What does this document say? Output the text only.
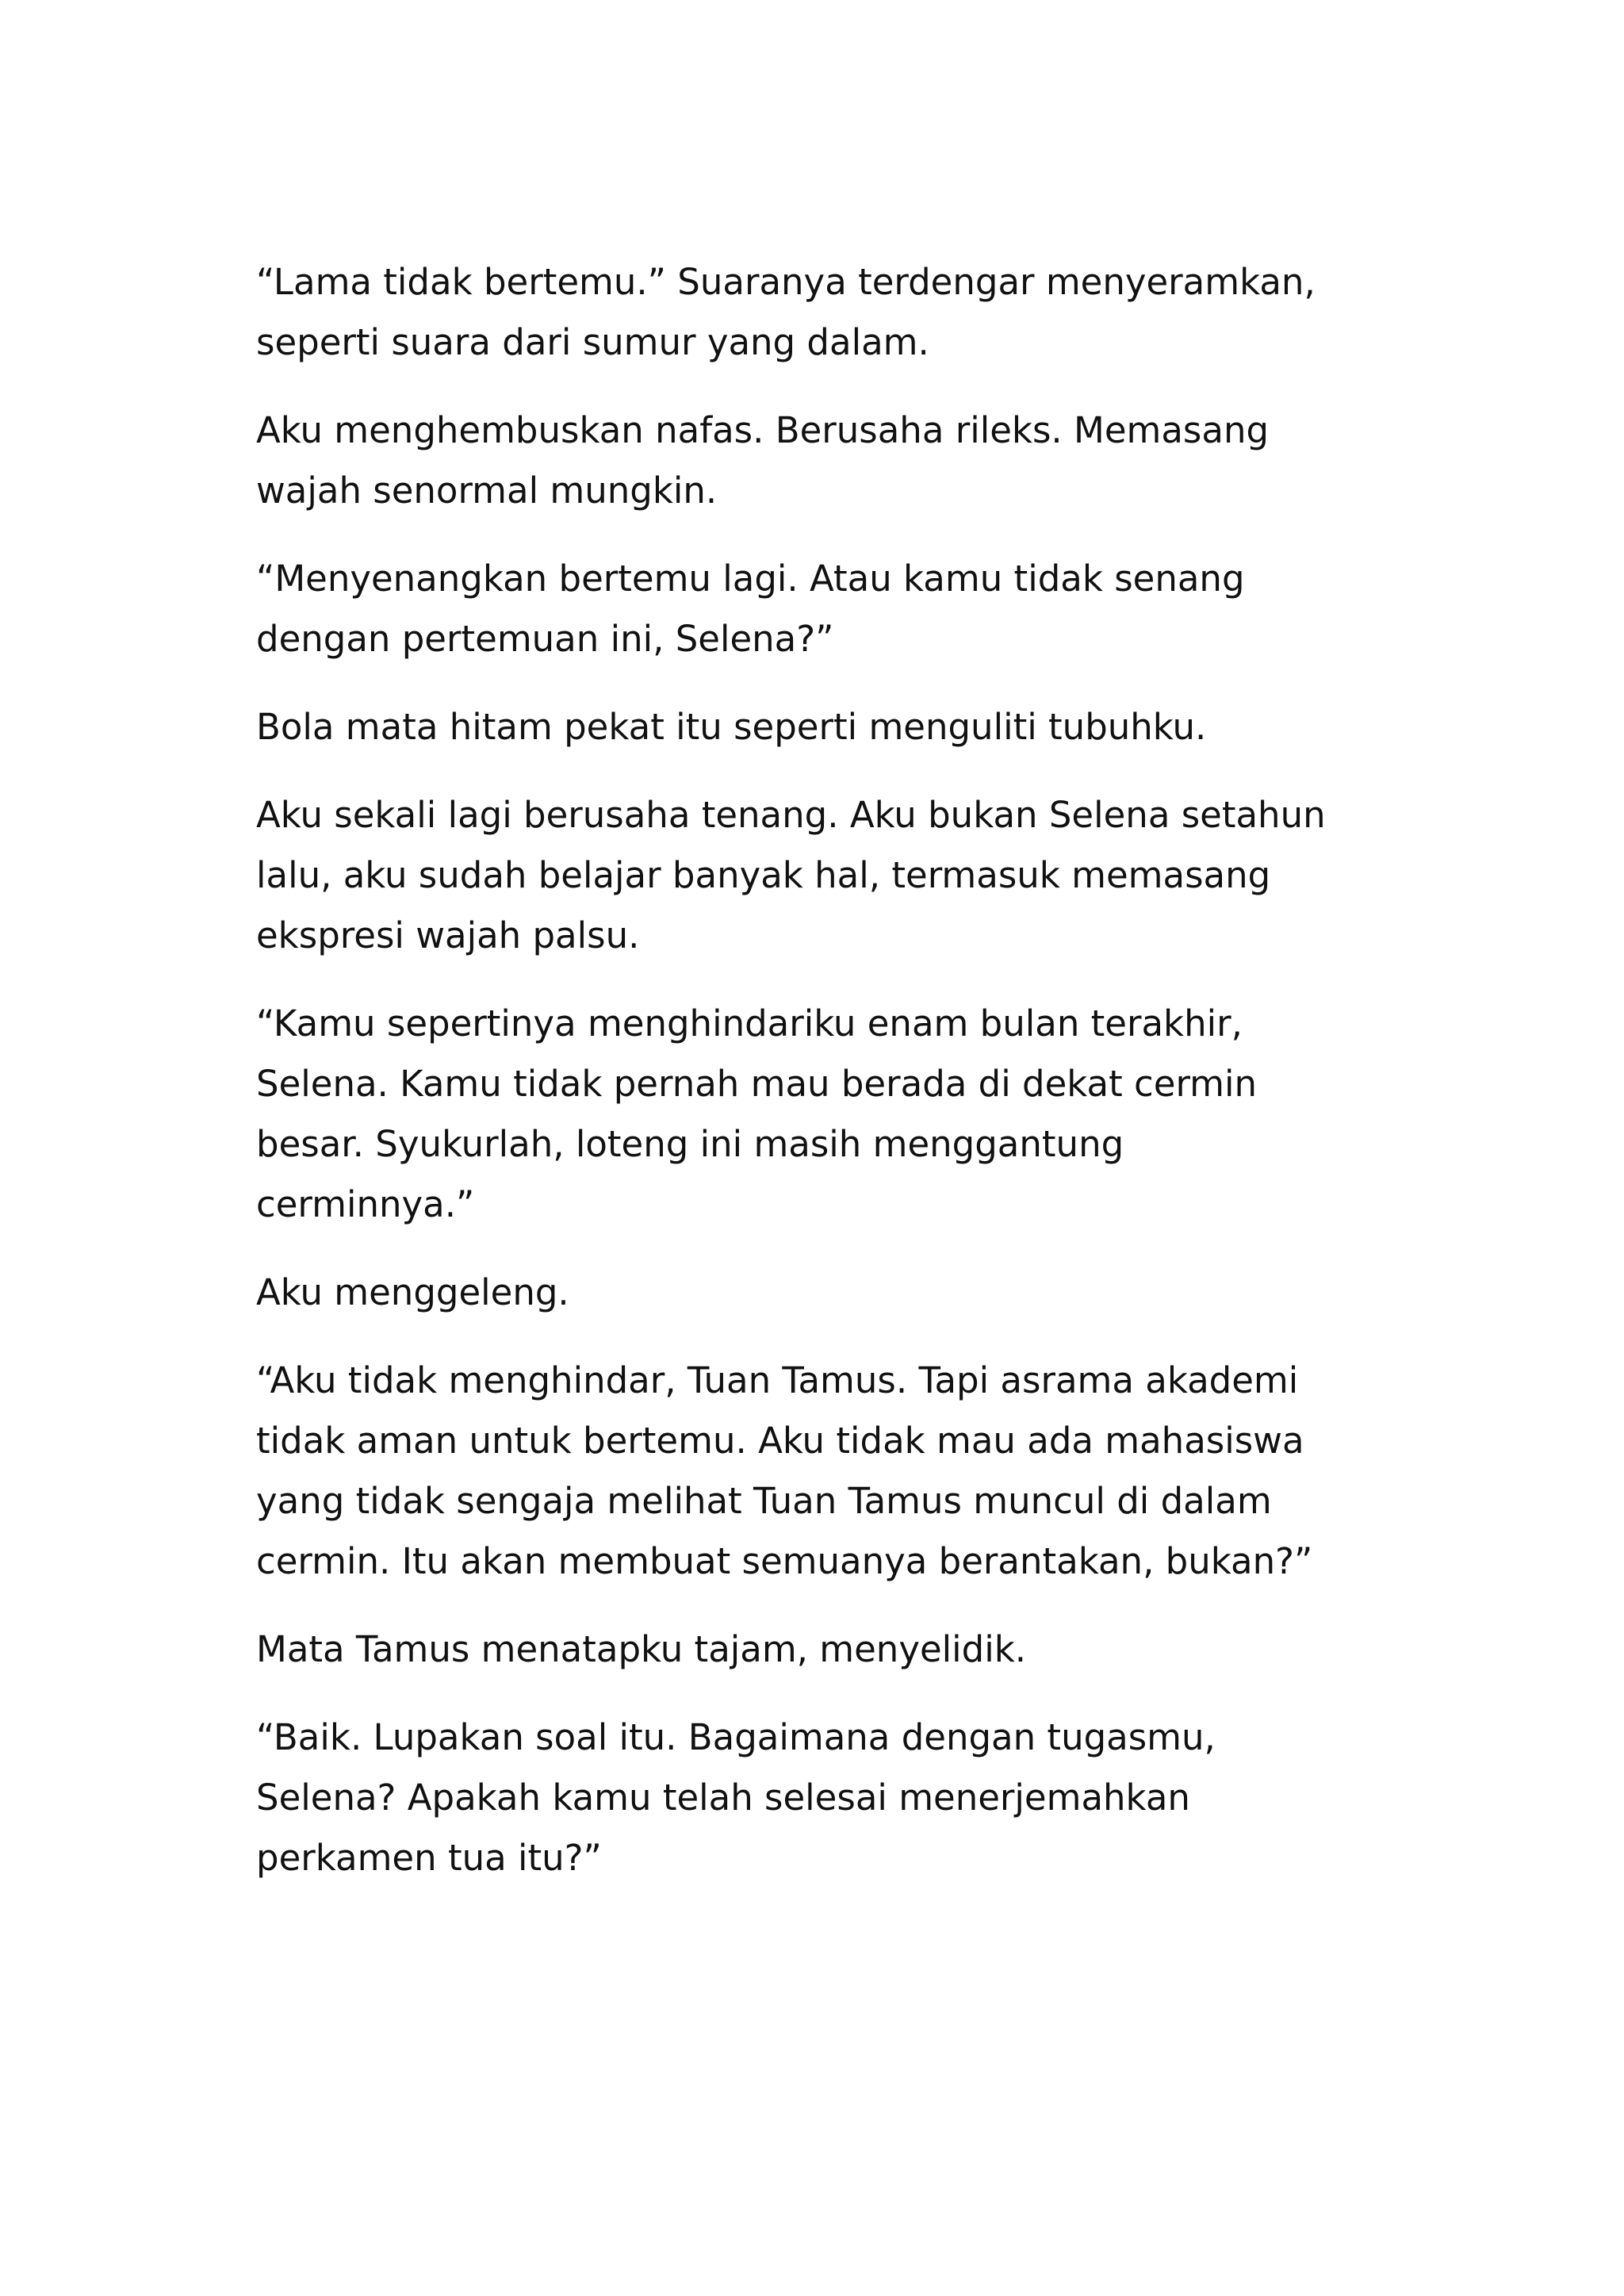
“Lama tidak bertemu.” Suaranya terdengar menyeramkan,
seperti suara dari sumur yang dalam.

Aku menghembuskan nafas. Berusaha rileks. Memasang
wajah senormal mungkin.

“Menyenangkan bertemu lagi. Atau kamu tidak senang
dengan pertemuan ini, Selena?”

Bola mata hitam pekat itu seperti menguliti tubuhku.

Aku sekali lagi berusaha tenang. Aku bukan Selena setahun
lalu, aku sudah belajar banyak hal, termasuk memasang
ekspresi wajah palsu.

“Kamu sepertinya menghindariku enam bulan terakhir,
Selena. Kamu tidak pernah mau berada di dekat cermin
besar. Syukurlah, loteng ini masih menggantung
cerminnya.”

Aku menggeleng.

“Aku tidak menghindar, Tuan Tamus. Tapi asrama akademi
tidak aman untuk bertemu. Aku tidak mau ada mahasiswa
yang tidak sengaja melihat Tuan Tamus muncul di dalam
cermin. Itu akan membuat semuanya berantakan, bukan?”

Mata Tamus menatapku tajam, menyelidik.

“Baik. Lupakan soal itu. Bagaimana dengan tugasmu,
Selena? Apakah kamu telah selesai menerjemahkan
perkamen tua itu?”
